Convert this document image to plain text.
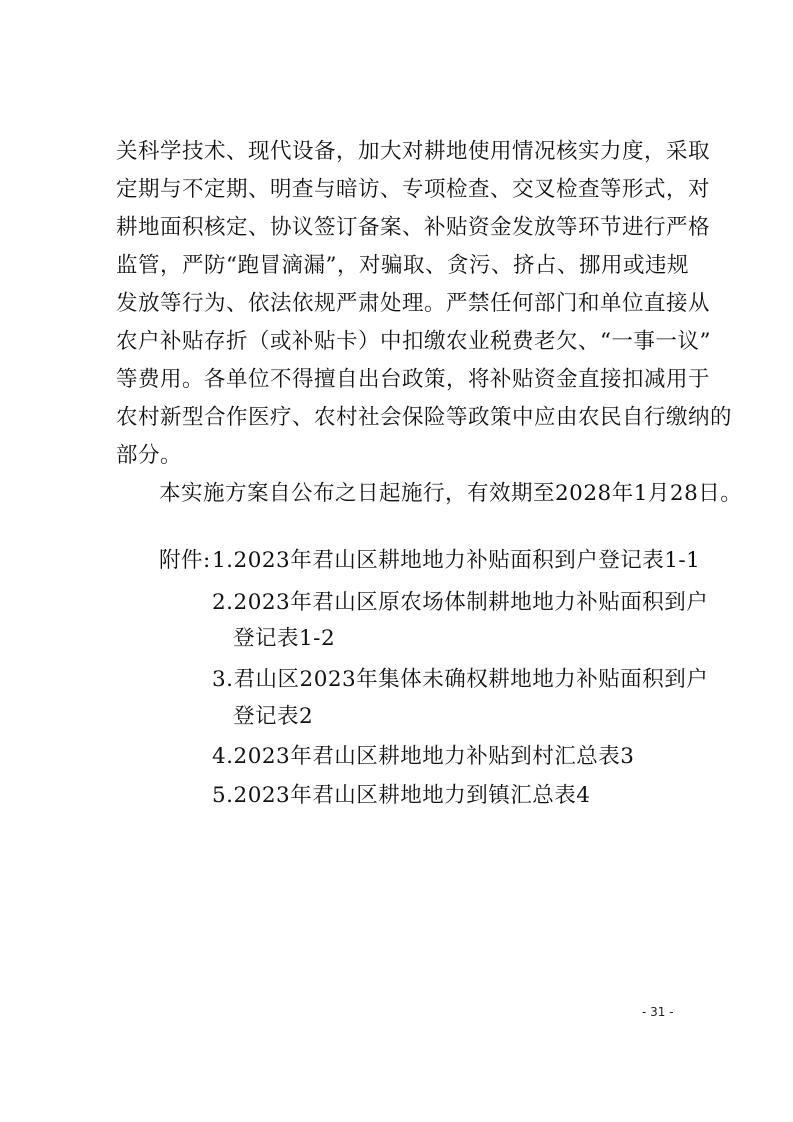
关科学技术、现代设备，加大对耕地使用情况核实力度，采取
定期与不定期、明查与暗访、专项检查、交叉检查等形式，对
耕地面积核定、协议签订备案、补贴资金发放等环节进行严格
监管，严防“跑冒滴漏”，对骗取、贪污、挤占、挪用或违规
发放等行为、依法依规严肃处理。严禁任何部门和单位直接从
农户补贴存折（或补贴卡）中扣缴农业税费老欠、“一事一议”
等费用。各单位不得擅自出台政策，将补贴资金直接扣减用于
农村新型合作医疗、农村社会保险等政策中应由农民自行缴纳的
部分。
本实施方案自公布之日起施行，有效期至2028年1月28日。
附件: 1.2023年君山区耕地地力补贴面积到户登记表1-1
2.2023年君山区原农场体制耕地地力补贴面积到户
登记表1-2
3.君山区2023年集体未确权耕地地力补贴面积到户
登记表2
4.2023年君山区耕地地力补贴到村汇总表3
5.2023年君山区耕地地力到镇汇总表4
- 31 -
